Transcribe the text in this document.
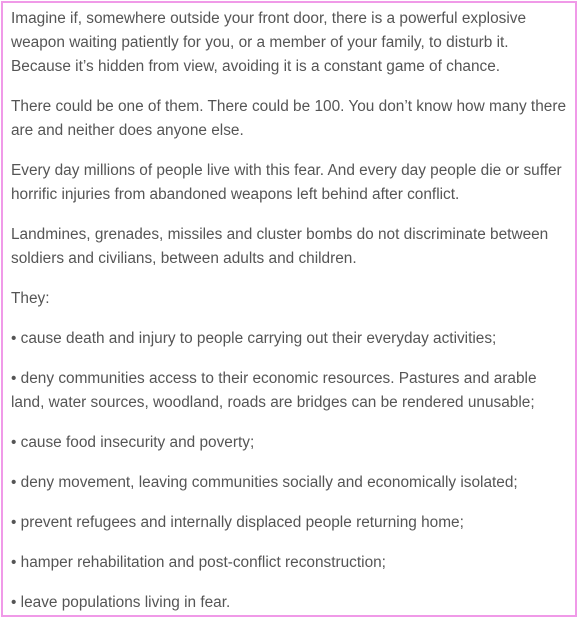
Imagine if, somewhere outside your front door, there is a powerful explosive weapon waiting patiently for you, or a member of your family, to disturb it. Because it’s hidden from view, avoiding it is a constant game of chance.

There could be one of them. There could be 100. You don’t know how many there are and neither does anyone else.

Every day millions of people live with this fear. And every day people die or suffer horrific injuries from abandoned weapons left behind after conflict.

Landmines, grenades, missiles and cluster bombs do not discriminate between soldiers and civilians, between adults and children.

They:

• cause death and injury to people carrying out their everyday activities;

• deny communities access to their economic resources. Pastures and arable land, water sources, woodland, roads are bridges can be rendered unusable;

• cause food insecurity and poverty;

• deny movement, leaving communities socially and economically isolated;

• prevent refugees and internally displaced people returning home;

• hamper rehabilitation and post-conflict reconstruction;

• leave populations living in fear.
